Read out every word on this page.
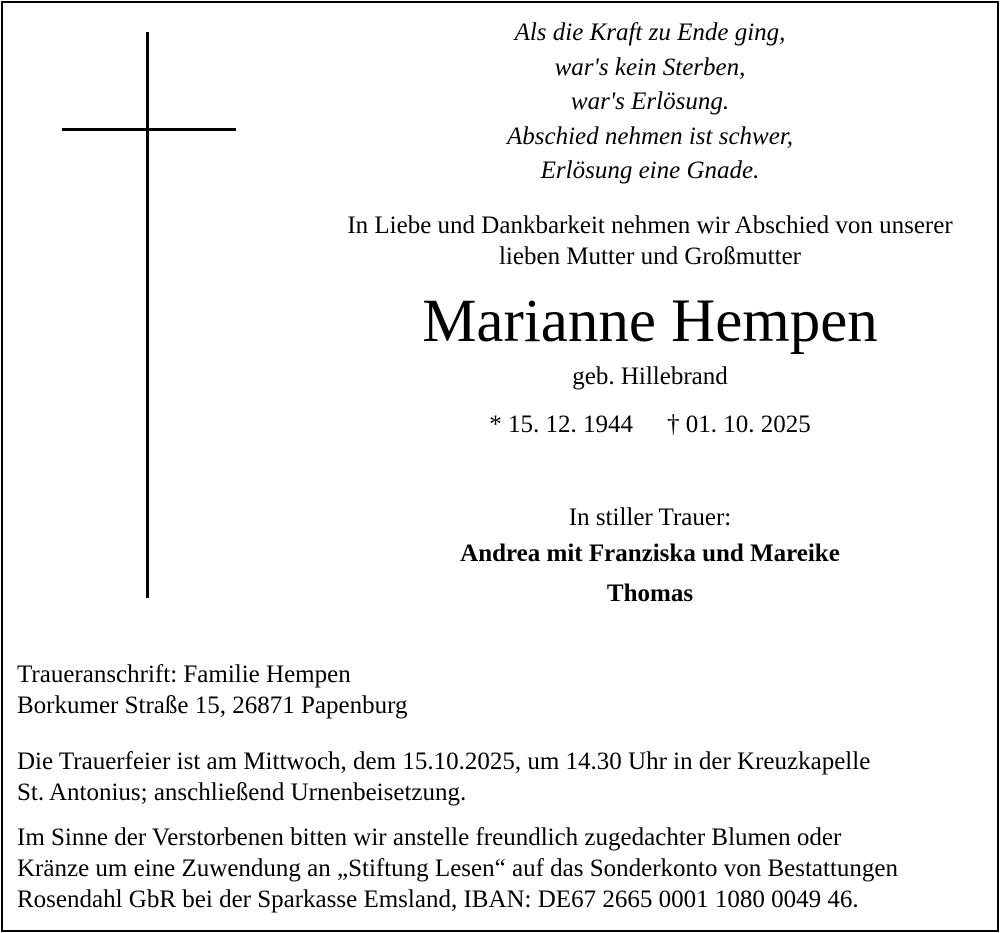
Als die Kraft zu Ende ging,
war's kein Sterben,
war's Erlösung.
Abschied nehmen ist schwer,
Erlösung eine Gnade.
In Liebe und Dankbarkeit nehmen wir Abschied von unserer
lieben Mutter und Großmutter
Marianne Hempen
geb. Hillebrand
* 15. 12. 1944 † 01. 10. 2025
In stiller Trauer:
Andrea mit Franziska und Mareike
Thomas
Traueranschrift: Familie Hempen
Borkumer Straße 15, 26871 Papenburg
Die Trauerfeier ist am Mittwoch, dem 15.10.2025, um 14.30 Uhr in der Kreuzkapelle
St. Antonius; anschließend Urnenbeisetzung.
Im Sinne der Verstorbenen bitten wir anstelle freundlich zugedachter Blumen oder
Kränze um eine Zuwendung an „Stiftung Lesen“ auf das Sonderkonto von Bestattungen
Rosendahl GbR bei der Sparkasse Emsland, IBAN: DE67 2665 0001 1080 0049 46.
